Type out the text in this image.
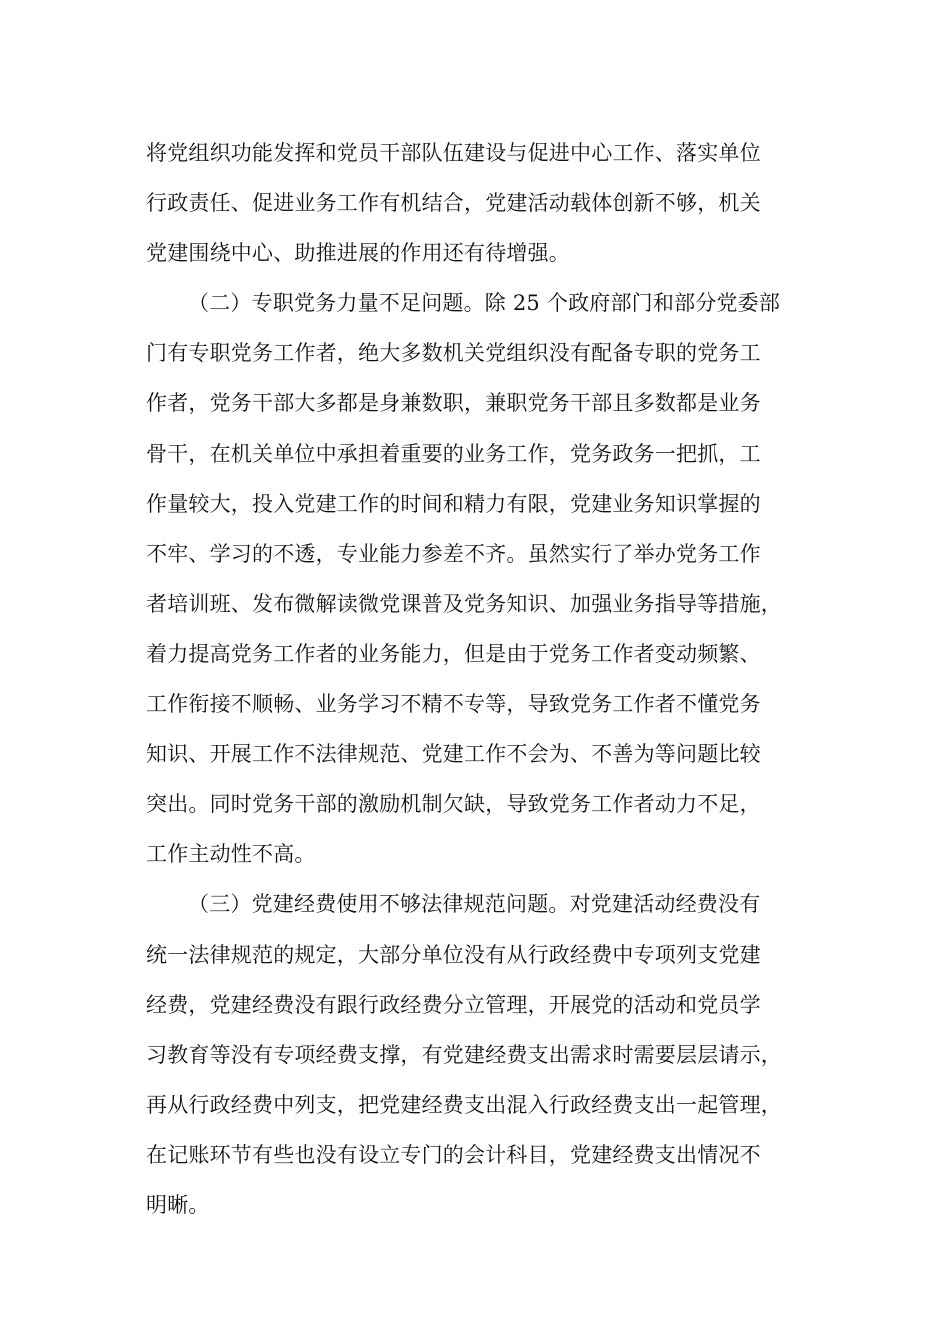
将党组织功能发挥和党员干部队伍建设与促进中心工作、落实单位
行政责任、促进业务工作有机结合，党建活动载体创新不够，机关
党建围绕中心、助推进展的作用还有待增强。
（二）专职党务力量不足问题。除 25 个政府部门和部分党委部
门有专职党务工作者，绝大多数机关党组织没有配备专职的党务工
作者，党务干部大多都是身兼数职，兼职党务干部且多数都是业务
骨干，在机关单位中承担着重要的业务工作，党务政务一把抓，工
作量较大，投入党建工作的时间和精力有限，党建业务知识掌握的
不牢、学习的不透，专业能力参差不齐。虽然实行了举办党务工作
者培训班、发布微解读微党课普及党务知识、加强业务指导等措施，
着力提高党务工作者的业务能力，但是由于党务工作者变动频繁、
工作衔接不顺畅、业务学习不精不专等，导致党务工作者不懂党务
知识、开展工作不法律规范、党建工作不会为、不善为等问题比较
突出。同时党务干部的激励机制欠缺，导致党务工作者动力不足，
工作主动性不高。
（三）党建经费使用不够法律规范问题。对党建活动经费没有
统一法律规范的规定，大部分单位没有从行政经费中专项列支党建
经费，党建经费没有跟行政经费分立管理，开展党的活动和党员学
习教育等没有专项经费支撑，有党建经费支出需求时需要层层请示，
再从行政经费中列支，把党建经费支出混入行政经费支出一起管理，
在记账环节有些也没有设立专门的会计科目，党建经费支出情况不
明晰。
